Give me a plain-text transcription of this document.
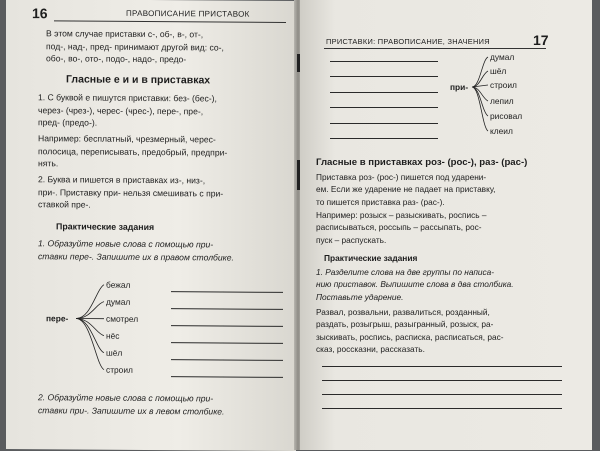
16	ПРАВОПИСАНИЕ ПРИСТАВОК
В этом случае приставки с-, об-, в-, от-,
под-, над-, пред- принимают другой вид: со-,
обо-, во-, ото-, подо-, надо-, предо-
Гласные е и и в приставках
1. С буквой е пишутся приставки: без- (бес-),
через- (чрез-), черес- (чрес-), пере-, пре-,
пред- (предо-).
Например: бесплатный, чрезмерный, черес-
полосица, переписывать, предобрый, предпри-
нять.
2. Буква и пишется в приставках из-, низ-,
при-. Приставку при- нельзя смешивать с при-
ставкой пре-.
Практические задания
1. Образуйте новые слова с помощью при-
ставки пере-. Запишите их в правом столбике.
пере-
бежал
думал
смотрел
нёс
шёл
строил
2. Образуйте новые слова с помощью при-
ставки при-. Запишите их в левом столбике.
ПРИСТАВКИ: ПРАВОПИСАНИЕ, ЗНАЧЕНИЯ	17
при-
думал
шёл
строил
лепил
рисовал
клеил
Гласные в приставках роз- (рос-), раз- (рас-)
Приставка роз- (рос-) пишется под ударени-
ем. Если же ударение не падает на приставку,
то пишется приставка раз- (рас-).
Например: розыск – разыскивать, роспись –
расписываться, россыпь – рассыпать, рос-
пуск – распускать.
Практические задания
1. Разделите слова на две группы по написа-
нию приставок. Выпишите слова в два столбика.
Поставьте ударение.
Развал, розвальни, развалиться, розданный,
раздать, розыгрыш, разыгранный, розыск, ра-
зыскивать, роспись, расписка, расписаться, рас-
сказ, россказни, рассказать.
